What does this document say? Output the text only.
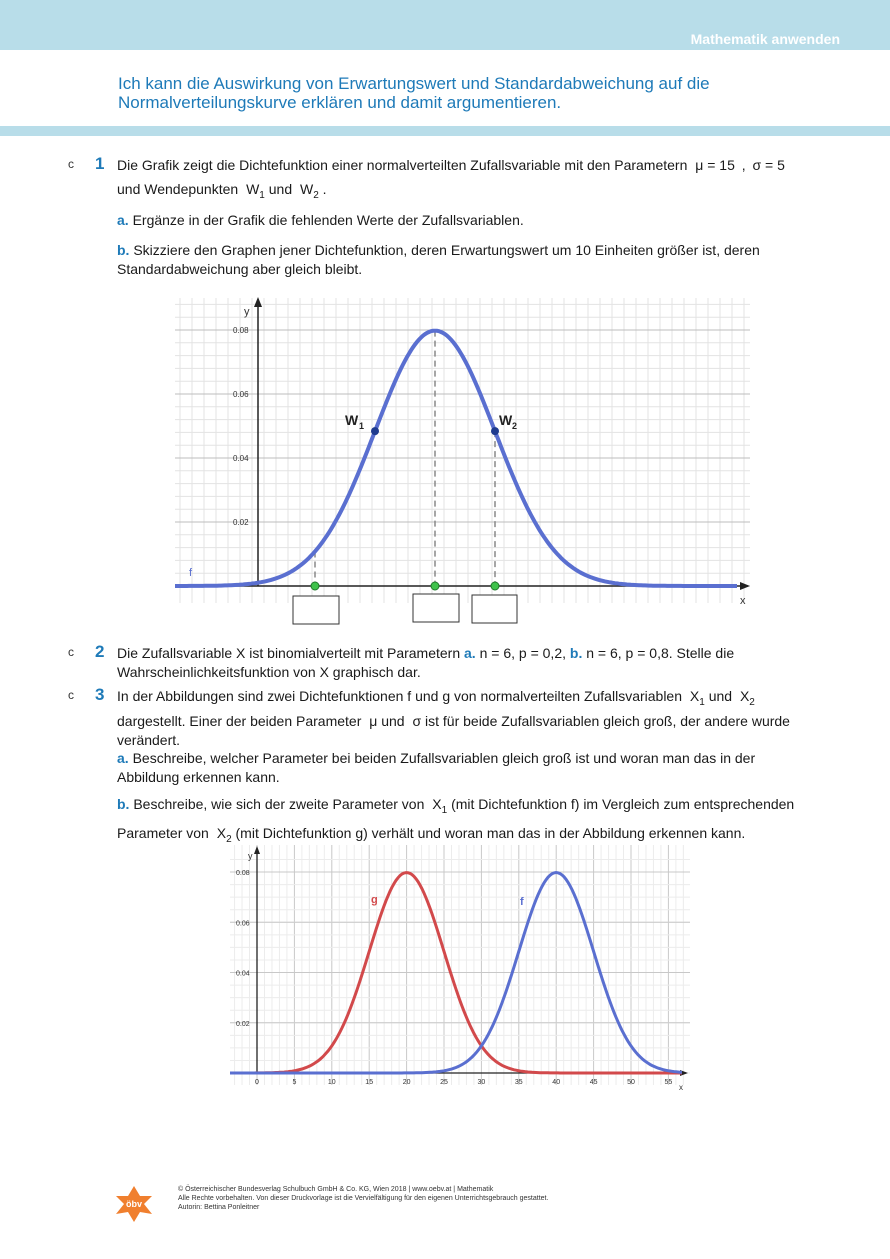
Mathematik anwenden
Ich kann die Auswirkung von Erwartungswert und Standardabweichung auf die
Normalverteilungskurve erklären und damit argumentieren.
c 1 Die Grafik zeigt die Dichtefunktion einer normalverteilten Zufallsvariable mit den Parametern μ = 15 , σ = 5
und Wendepunkten $W_1$ und $W_2$ .
a. Ergänze in der Grafik die fehlenden Werte der Zufallsvariablen.
b. Skizziere den Graphen jener Dichtefunktion, deren Erwartungswert um 10 Einheiten größer ist, deren
Standardabweichung aber gleich bleibt.
x
y
0.02
0.04
0.06
0.08
f
W 1	W 2
c 2 Die Zufallsvariable X ist binomialverteilt mit Parametern a. n = 6, p = 0,2, b. n = 6, p = 0,8. Stelle die
Wahrscheinlichkeitsfunktion von X graphisch dar.
c 3 In der Abbildungen sind zwei Dichtefunktionen f und g von normalverteilten Zufallsvariablen $X_1$ und $X_2$
dargestellt. Einer der beiden Parameter μ und σ ist für beide Zufallsvariablen gleich groß, der andere wurde
verändert.
a. Beschreibe, welcher Parameter bei beiden Zufallsvariablen gleich groß ist und woran man das in der
Abbildung erkennen kann.
b. Beschreibe, wie sich der zweite Parameter von $X_1$ (mit Dichtefunktion f) im Vergleich zum entsprechenden
Parameter von $X_2$ (mit Dichtefunktion g) verhält und woran man das in der Abbildung erkennen kann.
y
x
0.02
0.04
0.06
0.08
0	5	10	15	20	25	30	35	40	45	50	55
g	f
öbv
© Österreichischer Bundesverlag Schulbuch GmbH & Co. KG, Wien 2018 | www.oebv.at | Mathematik
Alle Rechte vorbehalten. Von dieser Druckvorlage ist die Vervielfältigung für den eigenen Unterrichtsgebrauch gestattet.
Autorin: Bettina Ponleitner
